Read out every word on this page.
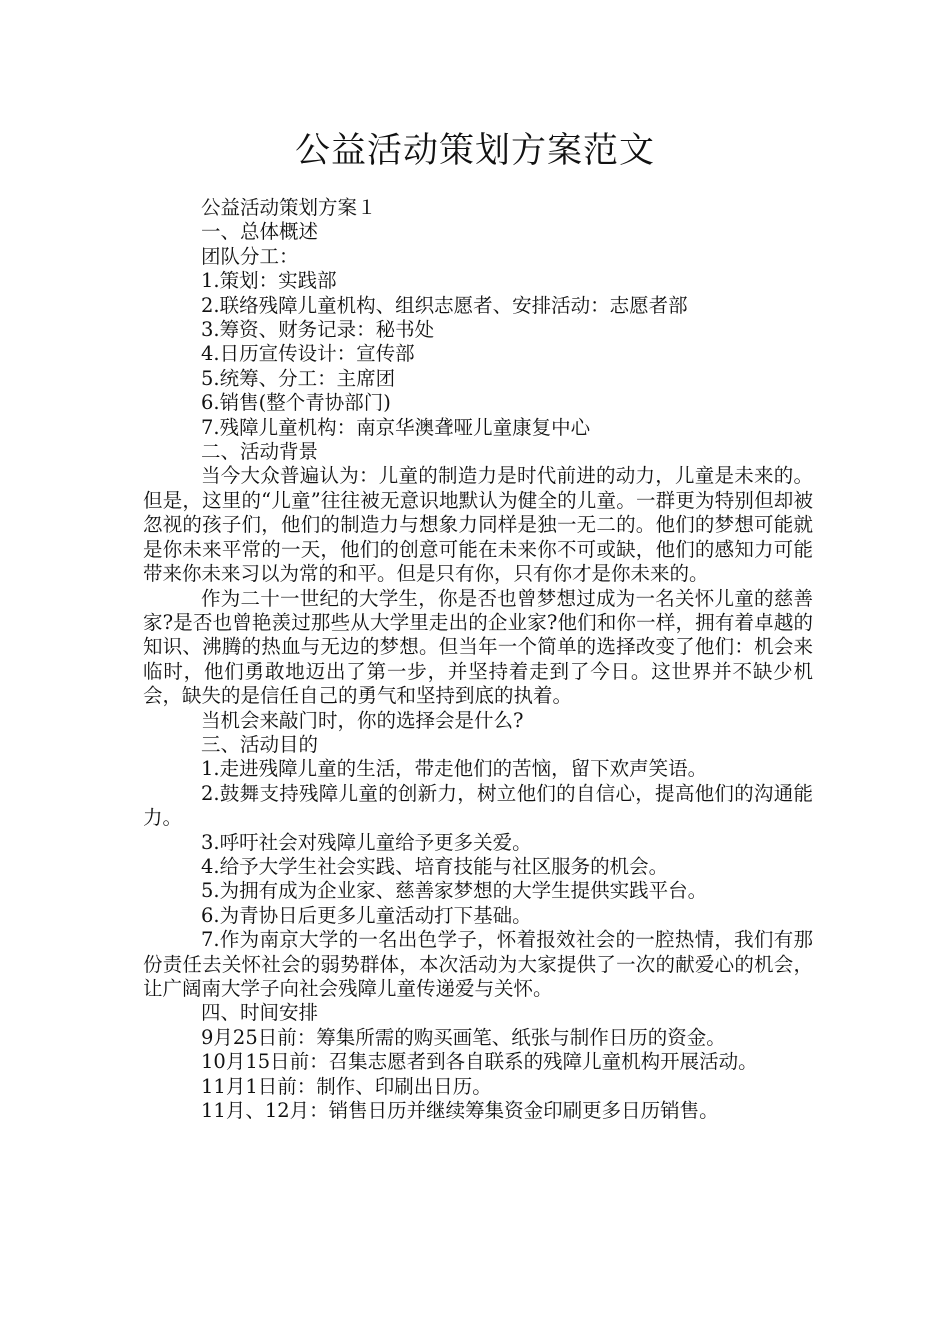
公益活动策划方案范文

公益活动策划方案１

一、总体概述

团队分工：

1.策划：实践部

2.联络残障儿童机构、组织志愿者、安排活动：志愿者部

3.筹资、财务记录：秘书处

4.日历宣传设计：宣传部

5.统筹、分工：主席团

6.销售(整个青协部门)

7.残障儿童机构：南京华澳聋哑儿童康复中心

二、活动背景

当今大众普遍认为：儿童的制造力是时代前进的动力，儿童是未来的。但是，这里的“儿童”往往被无意识地默认为健全的儿童。一群更为特别但却被忽视的孩子们，他们的制造力与想象力同样是独一无二的。他们的梦想可能就是你未来平常的一天，他们的创意可能在未来你不可或缺，他们的感知力可能带来你未来习以为常的和平。但是只有你，只有你才是你未来的。

作为二十一世纪的大学生，你是否也曾梦想过成为一名关怀儿童的慈善家?是否也曾艳羡过那些从大学里走出的企业家?他们和你一样，拥有着卓越的知识、沸腾的热血与无边的梦想。但当年一个简单的选择改变了他们：机会来临时，他们勇敢地迈出了第一步，并坚持着走到了今日。这世界并不缺少机会，缺失的是信任自己的勇气和坚持到底的执着。

当机会来敲门时，你的选择会是什么?

三、活动目的

1.走进残障儿童的生活，带走他们的苦恼，留下欢声笑语。

2.鼓舞支持残障儿童的创新力，树立他们的自信心，提高他们的沟通能力。

3.呼吁社会对残障儿童给予更多关爱。

4.给予大学生社会实践、培育技能与社区服务的机会。

5.为拥有成为企业家、慈善家梦想的大学生提供实践平台。

6.为青协日后更多儿童活动打下基础。

7.作为南京大学的一名出色学子，怀着报效社会的一腔热情，我们有那份责任去关怀社会的弱势群体，本次活动为大家提供了一次的献爱心的机会，让广阔南大学子向社会残障儿童传递爱与关怀。

四、时间安排

9月25日前：筹集所需的购买画笔、纸张与制作日历的资金。

10月15日前：召集志愿者到各自联系的残障儿童机构开展活动。

11月1日前：制作、印刷出日历。

11月、12月：销售日历并继续筹集资金印刷更多日历销售。
